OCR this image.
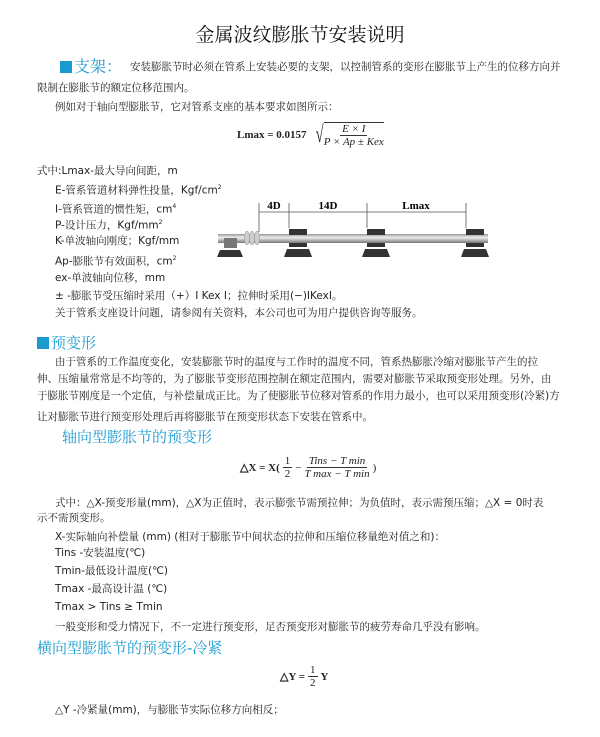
金属波纹膨胀节安装说明
支架： 安装膨胀节时必须在管系上安装必要的支架，以控制管系的变形在膨胀节上产生的位移方向并
限制在膨胀节的额定位移范围内。
例如对于轴向型膨胀节，它对管系支座的基本要求如图所示：
Lmax = 0.0157 √ $\frac{E \times I}{\text{P × Ap ± Kex}}$
式中:Lmax-最大导向间距，m
E-管系管道材料弹性投量，Kgf/$cm^2$
I-管系管道的惯性矩，$cm^4$
P-设计压力，Kgf/$mm^2$
K-单波轴向刚度；Kgf/mm
Ap-膨胀节有效面积，$cm^2$
ex-单波轴向位移，mm
± -膨胀节受压缩时采用（+）I Kex I；拉伸时采用(−)IKexI。
关于管系支座设计问题，请参阅有关资料，本公司也可为用户提供咨询等服务。
4D	14D	Lmax
预变形
由于管系的工作温度变化，安装膨胀节时的温度与工作时的温度不同，管系热膨胀冷缩对膨胀节产生的拉
伸、压缩量常常是不均等的，为了膨胀节变形范围控制在额定范围内，需要对膨胀节采取预变形处理。另外，由
于膨胀节刚度是一个定值，与补偿量成正比。为了使膨胀节位移对管系的作用力最小，也可以采用预变形(冷紧)方
让对膨胀节进行预变形处理后再将膨胀节在预变形状态下安装在管系中。
轴向型膨胀节的预变形
△X = $X( \frac{1}{2} - \frac{\text{Tins − T min}}{\text{T max − T min}}$ )
式中：△X-预变形量(mm)，△X为正值时，表示膨张节需预拉伸；为负值时，表示需预压缩；△X = 0时表
示不需预变形。
X-实际轴向补偿量 (mm) (相对于膨胀节中间状态的拉伸和压缩位移量绝对值之和)：
Tins -安装温度(℃)
Tmin-最低设计温度(℃)
Tmax -最高设计温 (℃)
Tmax > Tins ≥ Tmin
一般变形和受力情况下，不一定进行预变形，足否预变形对膨胀节的疲劳寿命几乎没有影响。
横向型膨胀节的预变形-冷紧
△Y = $\frac{1}{2}$ Y
△Y -冷紧量(mm)，与膨胀节实际位移方向相反；
